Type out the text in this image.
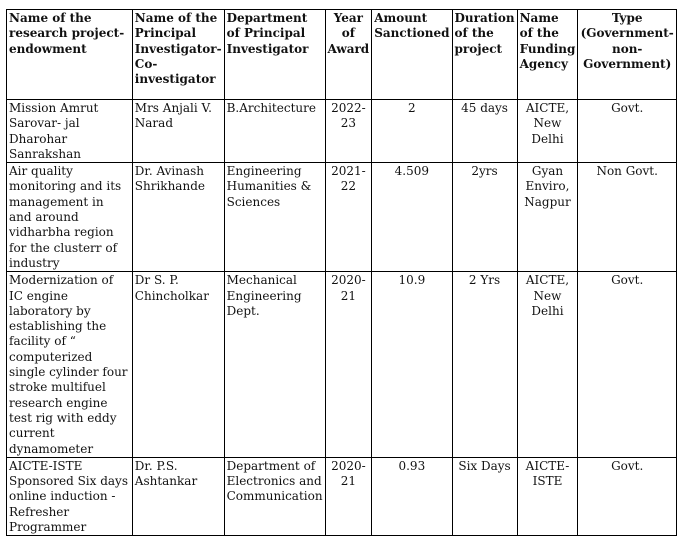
Name of the research project- endowment	Name of the Principal Investigator- Co-investigator	Department of Principal Investigator	Year of Award	Amount Sanctioned	Duration of the project	Name of the Funding Agency	Type (Government- non-Government)
Mission Amrut Sarovar- jal Dharohar Sanrakshan	Mrs Anjali V. Narad	B.Architecture	2022-23	2	45 days	AICTE, New Delhi	Govt.
Air quality monitoring and its management in and around vidharbha region for the clusterr of industry	Dr. Avinash Shrikhande	Engineering Humanities & Sciences	2021-22	4.509	2yrs	Gyan Enviro, Nagpur	Non Govt.
Modernization of IC engine laboratory by establishing the facility of “ computerized single cylinder four stroke multifuel research engine test rig with eddy current dynamometer	Dr S. P. Chincholkar	Mechanical Engineering Dept.	2020-21	10.9	2 Yrs	AICTE, New Delhi	Govt.
AICTE-ISTE Sponsored Six days online induction - Refresher Programmer	Dr. P.S. Ashtankar	Department of Electronics and Communication	2020-21	0.93	Six Days	AICTE-ISTE	Govt.
